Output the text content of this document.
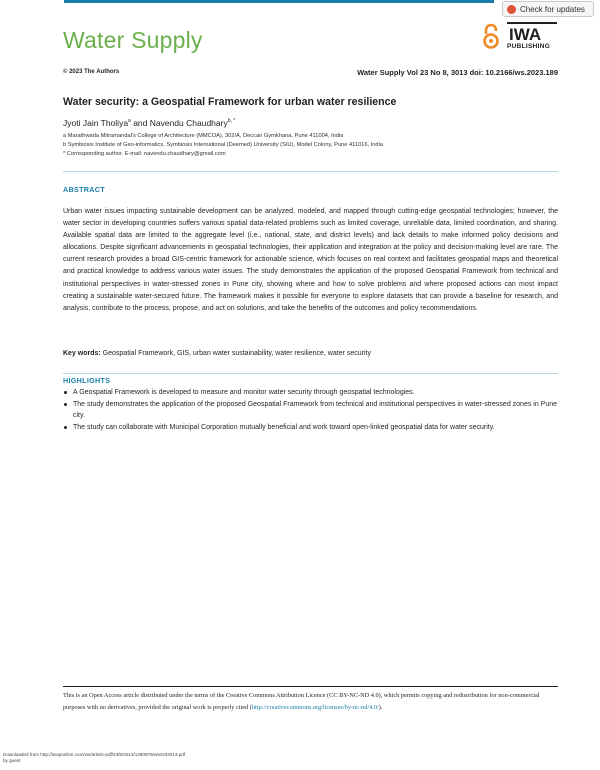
Check for updates
Water Supply	IWA
PUBLISHING
© 2023 The Authors	Water Supply Vol 23 No 8, 3013 doi: 10.2166/ws.2023.189
Water security: a Geospatial Framework for urban water resilience
Jyoti Jain Tholiya$^a$ and Navendu Chaudhary$^{b, *}$
a Marathwada Mitramandal's College of Architecture (MMCOA), 302/A, Deccan Gymkhana, Pune 411004, India
b Symbiosis Institute of Geo-informatics, Symbiosis International (Deemed) University (SIU), Model Colony, Pune 411016, India
* Corresponding author. E-mail: navendu.chaudhary@gmail.com
ABSTRACT
Urban water issues impacting sustainable development can be analyzed, modeled, and mapped through cutting-edge geospatial technologies; however, the water sector in developing countries suffers various spatial data-related problems such as limited coverage, unreliable data, limited coordination, and sharing. Available spatial data are limited to the aggregate level (i.e., national, state, and district levels) and lack details to make informed policy decisions and allocations. Despite significant advancements in geospatial technologies, their application and integration at the policy and decision-making level are rare. The current research provides a broad GIS-centric framework for actionable science, which focuses on real context and facilitates geospatial maps and theoretical and practical knowledge to address various water issues. The study demonstrates the application of the proposed Geospatial Framework from technical and institutional perspectives in water-stressed zones in Pune city, showing where and how to solve problems and where proposed actions can most impact creating a sustainable water-secured future. The framework makes it possible for everyone to explore datasets that can provide a baseline for research, and analysis, contribute to the process, propose, and act on solutions, and take the benefits of the outcomes and policy recommendations.
Key words: Geospatial Framework, GIS, urban water sustainability, water resilience, water security
HIGHLIGHTS
A Geospatial Framework is developed to measure and monitor water security through geospatial technologies.
The study demonstrates the application of the proposed Geospatial Framework from technical and institutional perspectives in water-stressed zones in Pune city.
The study can collaborate with Municipal Corporation mutually beneficial and work toward open-linked geospatial data for water security.
This is an Open Access article distributed under the terms of the Creative Commons Attribution Licence (CC BY-NC-ND 4.0), which permits copying and redistribution for non-commercial purposes with no derivatives, provided the original work is properly cited (http://creativecommons.org/licenses/by-nc-nd/4.0/).
Downloaded from http://iwaponline.com/ws/article-pdf/23/8/3013/1280876/ws0233013.pdf
by guest
